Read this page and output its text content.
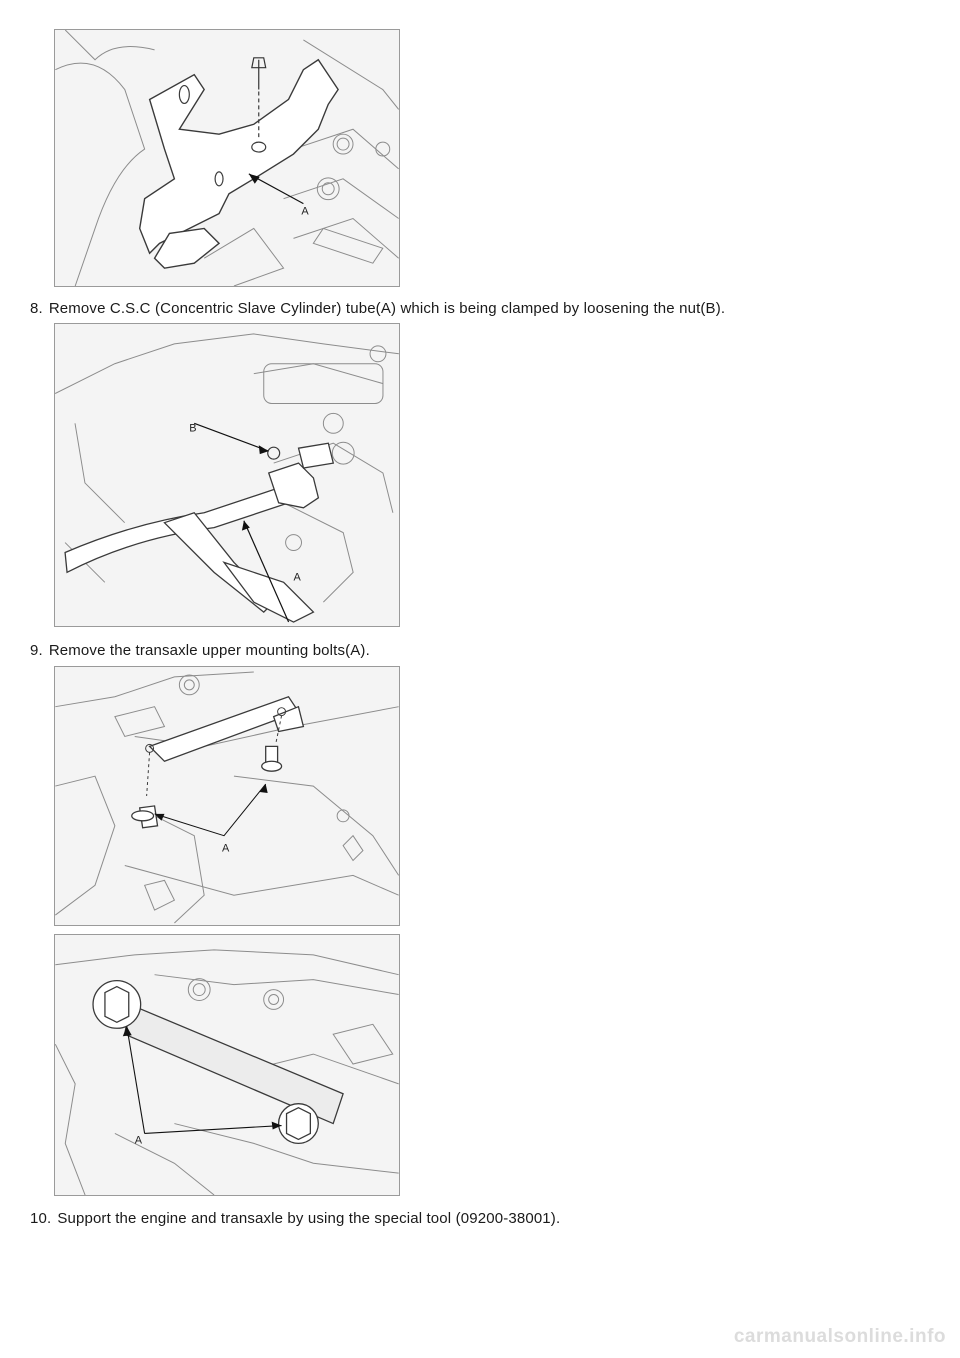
A
8. Remove C.S.C (Concentric Slave Cylinder) tube(A) which is being clamped by loosening the nut(B).
B
A
9. Remove the transaxle upper mounting bolts(A).
A
A
10. Support the engine and transaxle by using the special tool (09200-38001).
carmanualsonline.info
